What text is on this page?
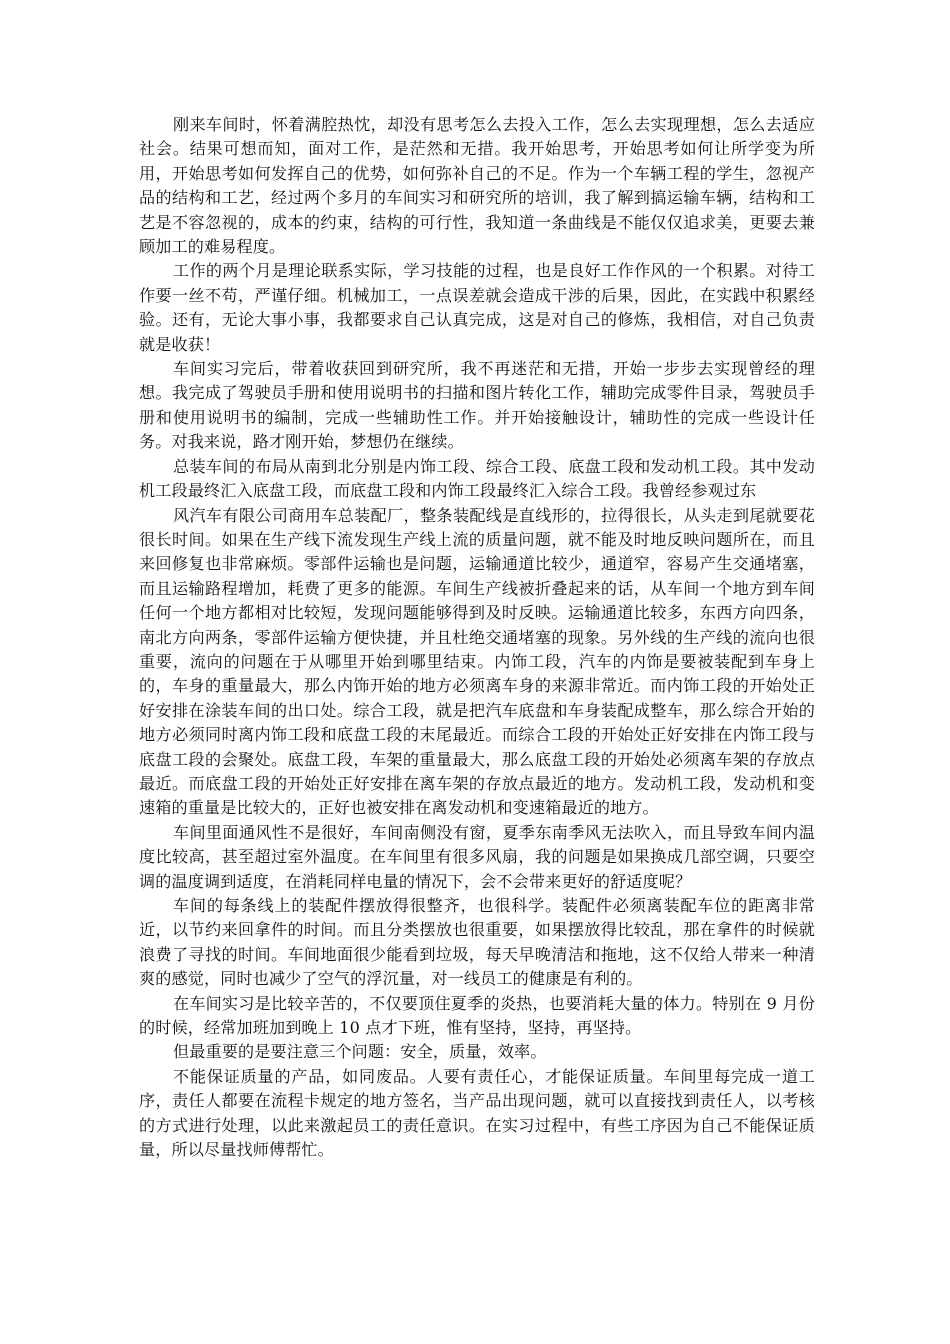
刚来车间时，怀着满腔热忱，却没有思考怎么去投入工作，怎么去实现理想，怎么去适应社会。结果可想而知，面对工作，是茫然和无措。我开始思考，开始思考如何让所学变为所用，开始思考如何发挥自己的优势，如何弥补自己的不足。作为一个车辆工程的学生，忽视产品的结构和工艺，经过两个多月的车间实习和研究所的培训，我了解到搞运输车辆，结构和工艺是不容忽视的，成本的约束，结构的可行性，我知道一条曲线是不能仅仅追求美，更要去兼顾加工的难易程度。

工作的两个月是理论联系实际，学习技能的过程，也是良好工作作风的一个积累。对待工作要一丝不苟，严谨仔细。机械加工，一点误差就会造成干涉的后果，因此，在实践中积累经验。还有，无论大事小事，我都要求自己认真完成，这是对自己的修炼，我相信，对自己负责就是收获！

车间实习完后，带着收获回到研究所，我不再迷茫和无措，开始一步步去实现曾经的理想。我完成了驾驶员手册和使用说明书的扫描和图片转化工作，辅助完成零件目录，驾驶员手册和使用说明书的编制，完成一些辅助性工作。并开始接触设计，辅助性的完成一些设计任务。对我来说，路才刚开始，梦想仍在继续。

总装车间的布局从南到北分别是内饰工段、综合工段、底盘工段和发动机工段。其中发动机工段最终汇入底盘工段，而底盘工段和内饰工段最终汇入综合工段。我曾经参观过东

风汽车有限公司商用车总装配厂，整条装配线是直线形的，拉得很长，从头走到尾就要花很长时间。如果在生产线下流发现生产线上流的质量问题，就不能及时地反映问题所在，而且来回修复也非常麻烦。零部件运输也是问题，运输通道比较少，通道窄，容易产生交通堵塞，而且运输路程增加，耗费了更多的能源。车间生产线被折叠起来的话，从车间一个地方到车间任何一个地方都相对比较短，发现问题能够得到及时反映。运输通道比较多，东西方向四条，南北方向两条，零部件运输方便快捷，并且杜绝交通堵塞的现象。另外线的生产线的流向也很重要，流向的问题在于从哪里开始到哪里结束。内饰工段，汽车的内饰是要被装配到车身上的，车身的重量最大，那么内饰开始的地方必须离车身的来源非常近。而内饰工段的开始处正好安排在涂装车间的出口处。综合工段，就是把汽车底盘和车身装配成整车，那么综合开始的地方必须同时离内饰工段和底盘工段的末尾最近。而综合工段的开始处正好安排在内饰工段与底盘工段的会聚处。底盘工段，车架的重量最大，那么底盘工段的开始处必须离车架的存放点最近。而底盘工段的开始处正好安排在离车架的存放点最近的地方。发动机工段，发动机和变速箱的重量是比较大的，正好也被安排在离发动机和变速箱最近的地方。

车间里面通风性不是很好，车间南侧没有窗，夏季东南季风无法吹入，而且导致车间内温度比较高，甚至超过室外温度。在车间里有很多风扇，我的问题是如果换成几部空调，只要空调的温度调到适度，在消耗同样电量的情况下，会不会带来更好的舒适度呢？

车间的每条线上的装配件摆放得很整齐，也很科学。装配件必须离装配车位的距离非常近，以节约来回拿件的时间。而且分类摆放也很重要，如果摆放得比较乱，那在拿件的时候就浪费了寻找的时间。车间地面很少能看到垃圾，每天早晚清洁和拖地，这不仅给人带来一种清爽的感觉，同时也减少了空气的浮沉量，对一线员工的健康是有利的。

在车间实习是比较辛苦的，不仅要顶住夏季的炎热，也要消耗大量的体力。特别在 9 月份的时候，经常加班加到晚上 10 点才下班，惟有坚持，坚持，再坚持。

但最重要的是要注意三个问题：安全，质量，效率。

不能保证质量的产品，如同废品。人要有责任心，才能保证质量。车间里每完成一道工序，责任人都要在流程卡规定的地方签名，当产品出现问题，就可以直接找到责任人，以考核的方式进行处理，以此来激起员工的责任意识。在实习过程中，有些工序因为自己不能保证质量，所以尽量找师傅帮忙。
